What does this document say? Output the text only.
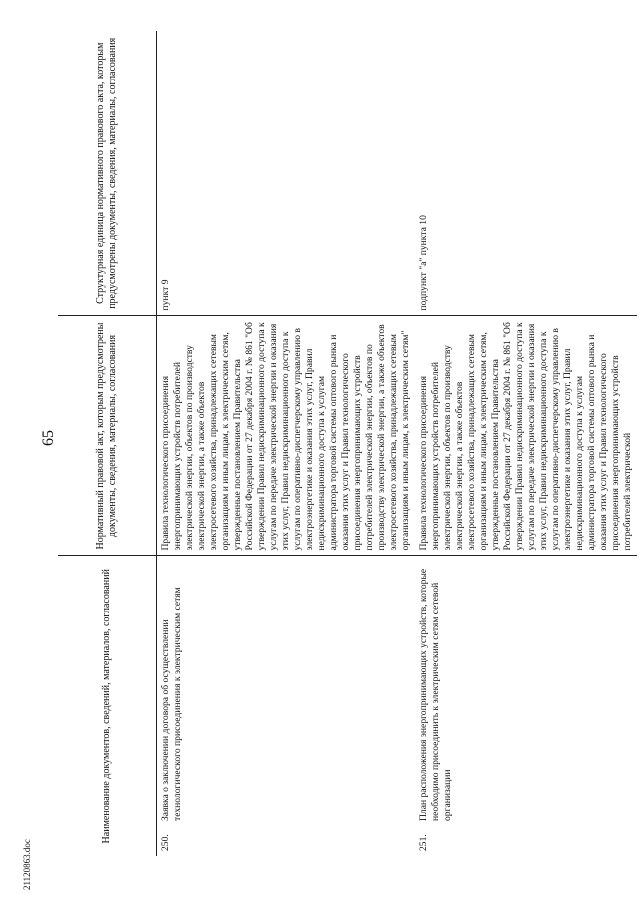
65
Наименование документов, сведений, материалов, согласований		Нормативный правовой акт, которым предусмотрены документы, сведения, материалы, согласования	Структурная единица нормативного правового акта, которым предусмотрены документы, сведения, материалы, согласования
250.	Заявка о заключении договора об осуществлении технологического присоединения к электрическим сетям	Правила технологического присоединения энергопринимающих устройств потребителей электрической энергии, объектов по производству электрической энергии, а также объектов электросетевого хозяйства, принадлежащих сетевым организациям и иным лицам, к электрическим сетям, утвержденные постановлением Правительства Российской Федерации от 27 декабря 2004 г. № 861 "Об утверждении Правил недискриминационного доступа к услугам по передаче электрической энергии и оказания этих услуг, Правил недискриминационного доступа к услугам по оперативно-диспетчерскому управлению в электроэнергетике и оказания этих услуг, Правил недискриминационного доступа к услугам администратора торговой системы оптового рынка и оказания этих услуг и Правил технологического присоединения энергопринимающих устройств потребителей электрической энергии, объектов по производству электрической энергии, а также объектов электросетевого хозяйства, принадлежащих сетевым организациям и иным лицам, к электрическим сетям"	пункт 9
251.	План расположения энергопринимающих устройств, которые необходимо присоединить к электрическим сетям сетевой организации	Правила технологического присоединения энергопринимающих устройств потребителей электрической энергии, объектов по производству электрической энергии, а также объектов электросетевого хозяйства, принадлежащих сетевым организациям и иным лицам, к электрическим сетям, утвержденные постановлением Правительства Российской Федерации от 27 декабря 2004 г. № 861 "Об утверждении Правил недискриминационного доступа к услугам по передаче электрической энергии и оказания этих услуг, Правил недискриминационного доступа к услугам по оперативно-диспетчерскому управлению в электроэнергетике и оказания этих услуг, Правил недискриминационного доступа к услугам администратора торговой системы оптового рынка и оказания этих услуг и Правил технологического присоединения энергопринимающих устройств потребителей электрической	подпункт "а" пункта 10
21120863.doc
